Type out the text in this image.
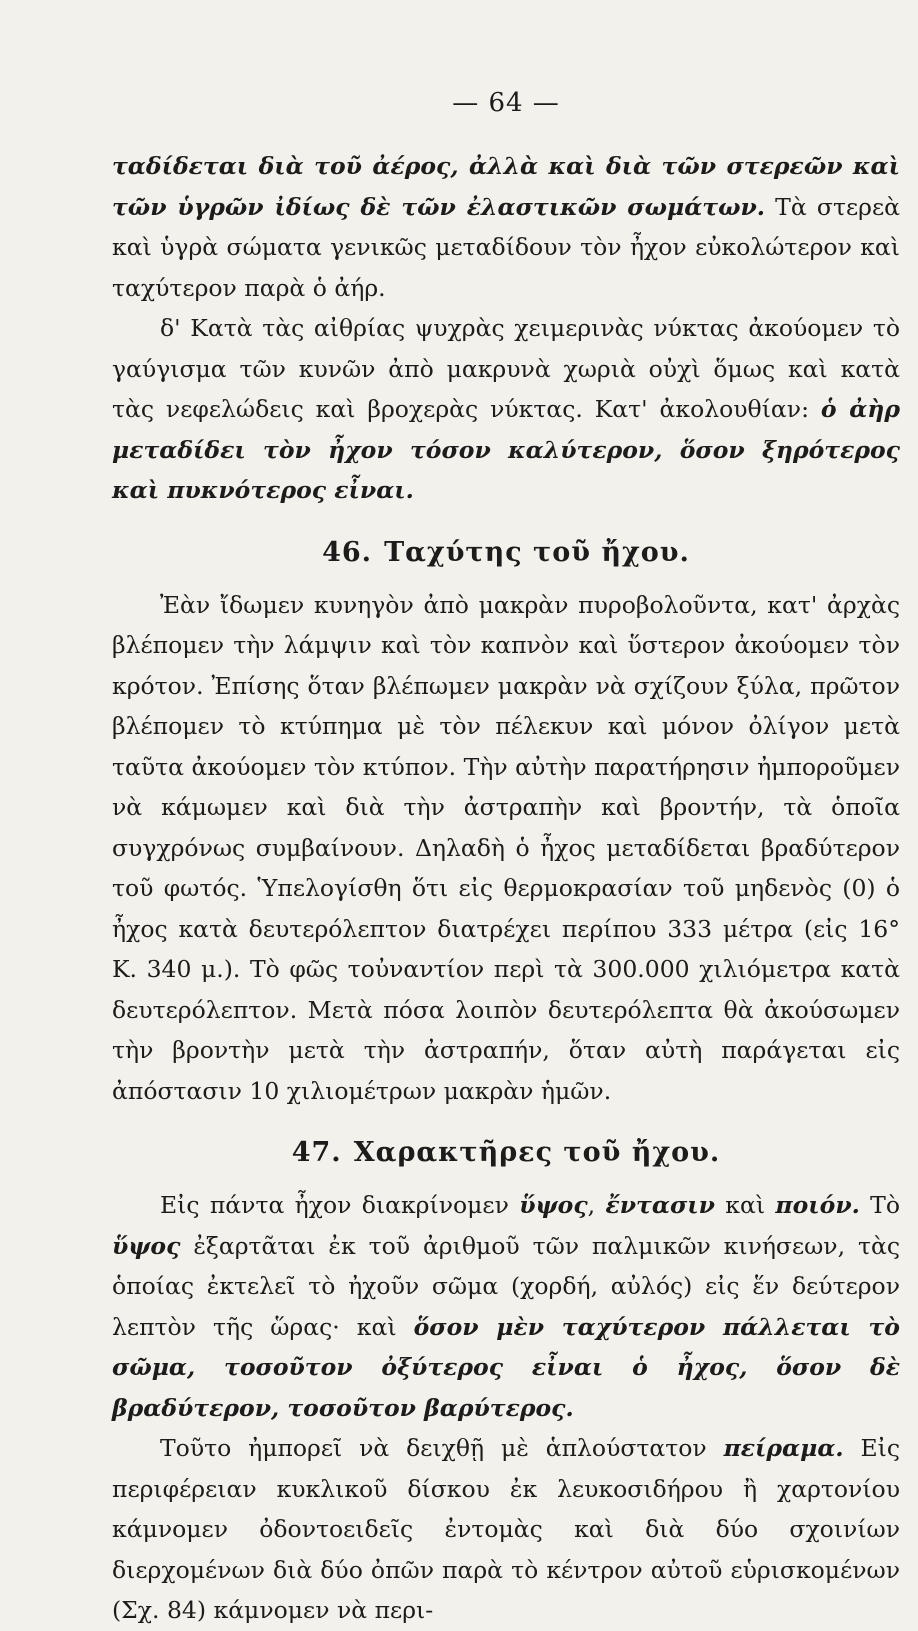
— 64 —

ταδίδεται διὰ τοῦ ἀέρος, ἀλλὰ καὶ διὰ τῶν στερεῶν καὶ τῶν ὑγρῶν ἰδίως δὲ τῶν ἐλαστικῶν σωμάτων. Τὰ στερεὰ καὶ ὑγρὰ σώματα γενικῶς μεταδίδουν τὸν ἦχον εὐκολώτερον καὶ ταχύτερον παρὰ ὁ ἀήρ.

δ' Κατὰ τὰς αἰθρίας ψυχρὰς χειμερινὰς νύκτας ἀκούομεν τὸ γαύγισμα τῶν κυνῶν ἀπὸ μακρυνὰ χωριὰ οὐχὶ ὅμως καὶ κατὰ τὰς νεφελώδεις καὶ βροχερὰς νύκτας. Κατ' ἀκολουθίαν: ὁ ἀὴρ μεταδίδει τὸν ἦχον τόσον καλύτερον, ὅσον ξηρότερος καὶ πυκνότερος εἶναι.

46. Ταχύτης τοῦ ἤχου.

Ἐὰν ἴδωμεν κυνηγὸν ἀπὸ μακρὰν πυροβολοῦντα, κατ' ἀρχὰς βλέπομεν τὴν λάμψιν καὶ τὸν καπνὸν καὶ ὕστερον ἀκούομεν τὸν κρότον. Ἐπίσης ὅταν βλέπωμεν μακρὰν νὰ σχίζουν ξύλα, πρῶτον βλέπομεν τὸ κτύπημα μὲ τὸν πέλεκυν καὶ μόνον ὀλίγον μετὰ ταῦτα ἀκούομεν τὸν κτύπον. Τὴν αὐτὴν παρατήρησιν ἠμποροῦμεν νὰ κάμωμεν καὶ διὰ τὴν ἀστραπὴν καὶ βροντήν, τὰ ὁποῖα συγχρόνως συμβαίνουν. Δηλαδὴ ὁ ἦχος μεταδίδεται βραδύτερον τοῦ φωτός. Ὑπελογίσθη ὅτι εἰς θερμοκρασίαν τοῦ μηδενὸς (0) ὁ ἦχος κατὰ δευτερόλεπτον διατρέχει περίπου 333 μέτρα (εἰς 16° Κ. 340 μ.). Τὸ φῶς τοὐναντίον περὶ τὰ 300.000 χιλιόμετρα κατὰ δευτερόλεπτον. Μετὰ πόσα λοιπὸν δευτερόλεπτα θὰ ἀκούσωμεν τὴν βροντὴν μετὰ τὴν ἀστραπήν, ὅταν αὐτὴ παράγεται εἰς ἀπόστασιν 10 χιλιομέτρων μακρὰν ἡμῶν.

47. Χαρακτῆρες τοῦ ἤχου.

Εἰς πάντα ἦχον διακρίνομεν ὕψος, ἔντασιν καὶ ποιόν. Τὸ ὕψος ἐξαρτᾶται ἐκ τοῦ ἀριθμοῦ τῶν παλμικῶν κινήσεων, τὰς ὁποίας ἐκτελεῖ τὸ ἠχοῦν σῶμα (χορδή, αὐλός) εἰς ἕν δεύτερον λεπτὸν τῆς ὥρας· καὶ ὅσον μὲν ταχύτερον πάλλεται τὸ σῶμα, τοσοῦτον ὀξύτερος εἶναι ὁ ἦχος, ὅσον δὲ βραδύτερον, τοσοῦτον βαρύτερος.

Τοῦτο ἠμπορεῖ νὰ δειχθῇ μὲ ἁπλούστατον πείραμα. Εἰς περιφέρειαν κυκλικοῦ δίσκου ἐκ λευκοσιδήρου ἢ χαρτονίου κάμνομεν ὀδοντοειδεῖς ἐντομὰς καὶ διὰ δύο σχοινίων διερχομένων διὰ δύο ὀπῶν παρὰ τὸ κέντρον αὐτοῦ εὑρισκομένων (Σχ. 84) κάμνομεν νὰ περι-
